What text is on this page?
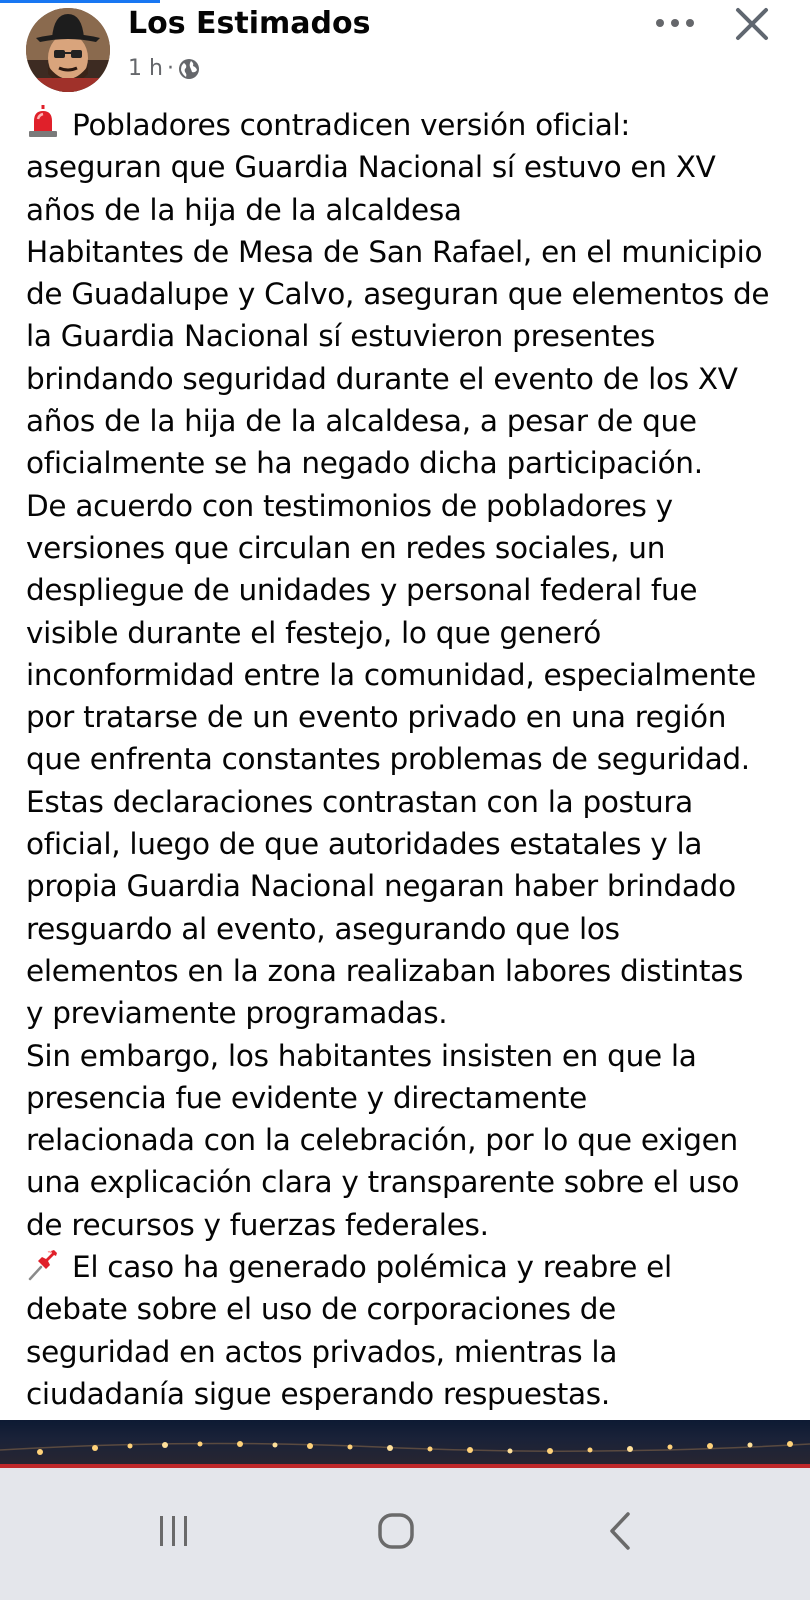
Los Estimados
1 h ·
Pobladores contradicen versión oficial:
aseguran que Guardia Nacional sí estuvo en XV
años de la hija de la alcaldesa
Habitantes de Mesa de San Rafael, en el municipio
de Guadalupe y Calvo, aseguran que elementos de
la Guardia Nacional sí estuvieron presentes
brindando seguridad durante el evento de los XV
años de la hija de la alcaldesa, a pesar de que
oficialmente se ha negado dicha participación.
De acuerdo con testimonios de pobladores y
versiones que circulan en redes sociales, un
despliegue de unidades y personal federal fue
visible durante el festejo, lo que generó
inconformidad entre la comunidad, especialmente
por tratarse de un evento privado en una región
que enfrenta constantes problemas de seguridad.
Estas declaraciones contrastan con la postura
oficial, luego de que autoridades estatales y la
propia Guardia Nacional negaran haber brindado
resguardo al evento, asegurando que los
elementos en la zona realizaban labores distintas
y previamente programadas.
Sin embargo, los habitantes insisten en que la
presencia fue evidente y directamente
relacionada con la celebración, por lo que exigen
una explicación clara y transparente sobre el uso
de recursos y fuerzas federales.
El caso ha generado polémica y reabre el
debate sobre el uso de corporaciones de
seguridad en actos privados, mientras la
ciudadanía sigue esperando respuestas.
